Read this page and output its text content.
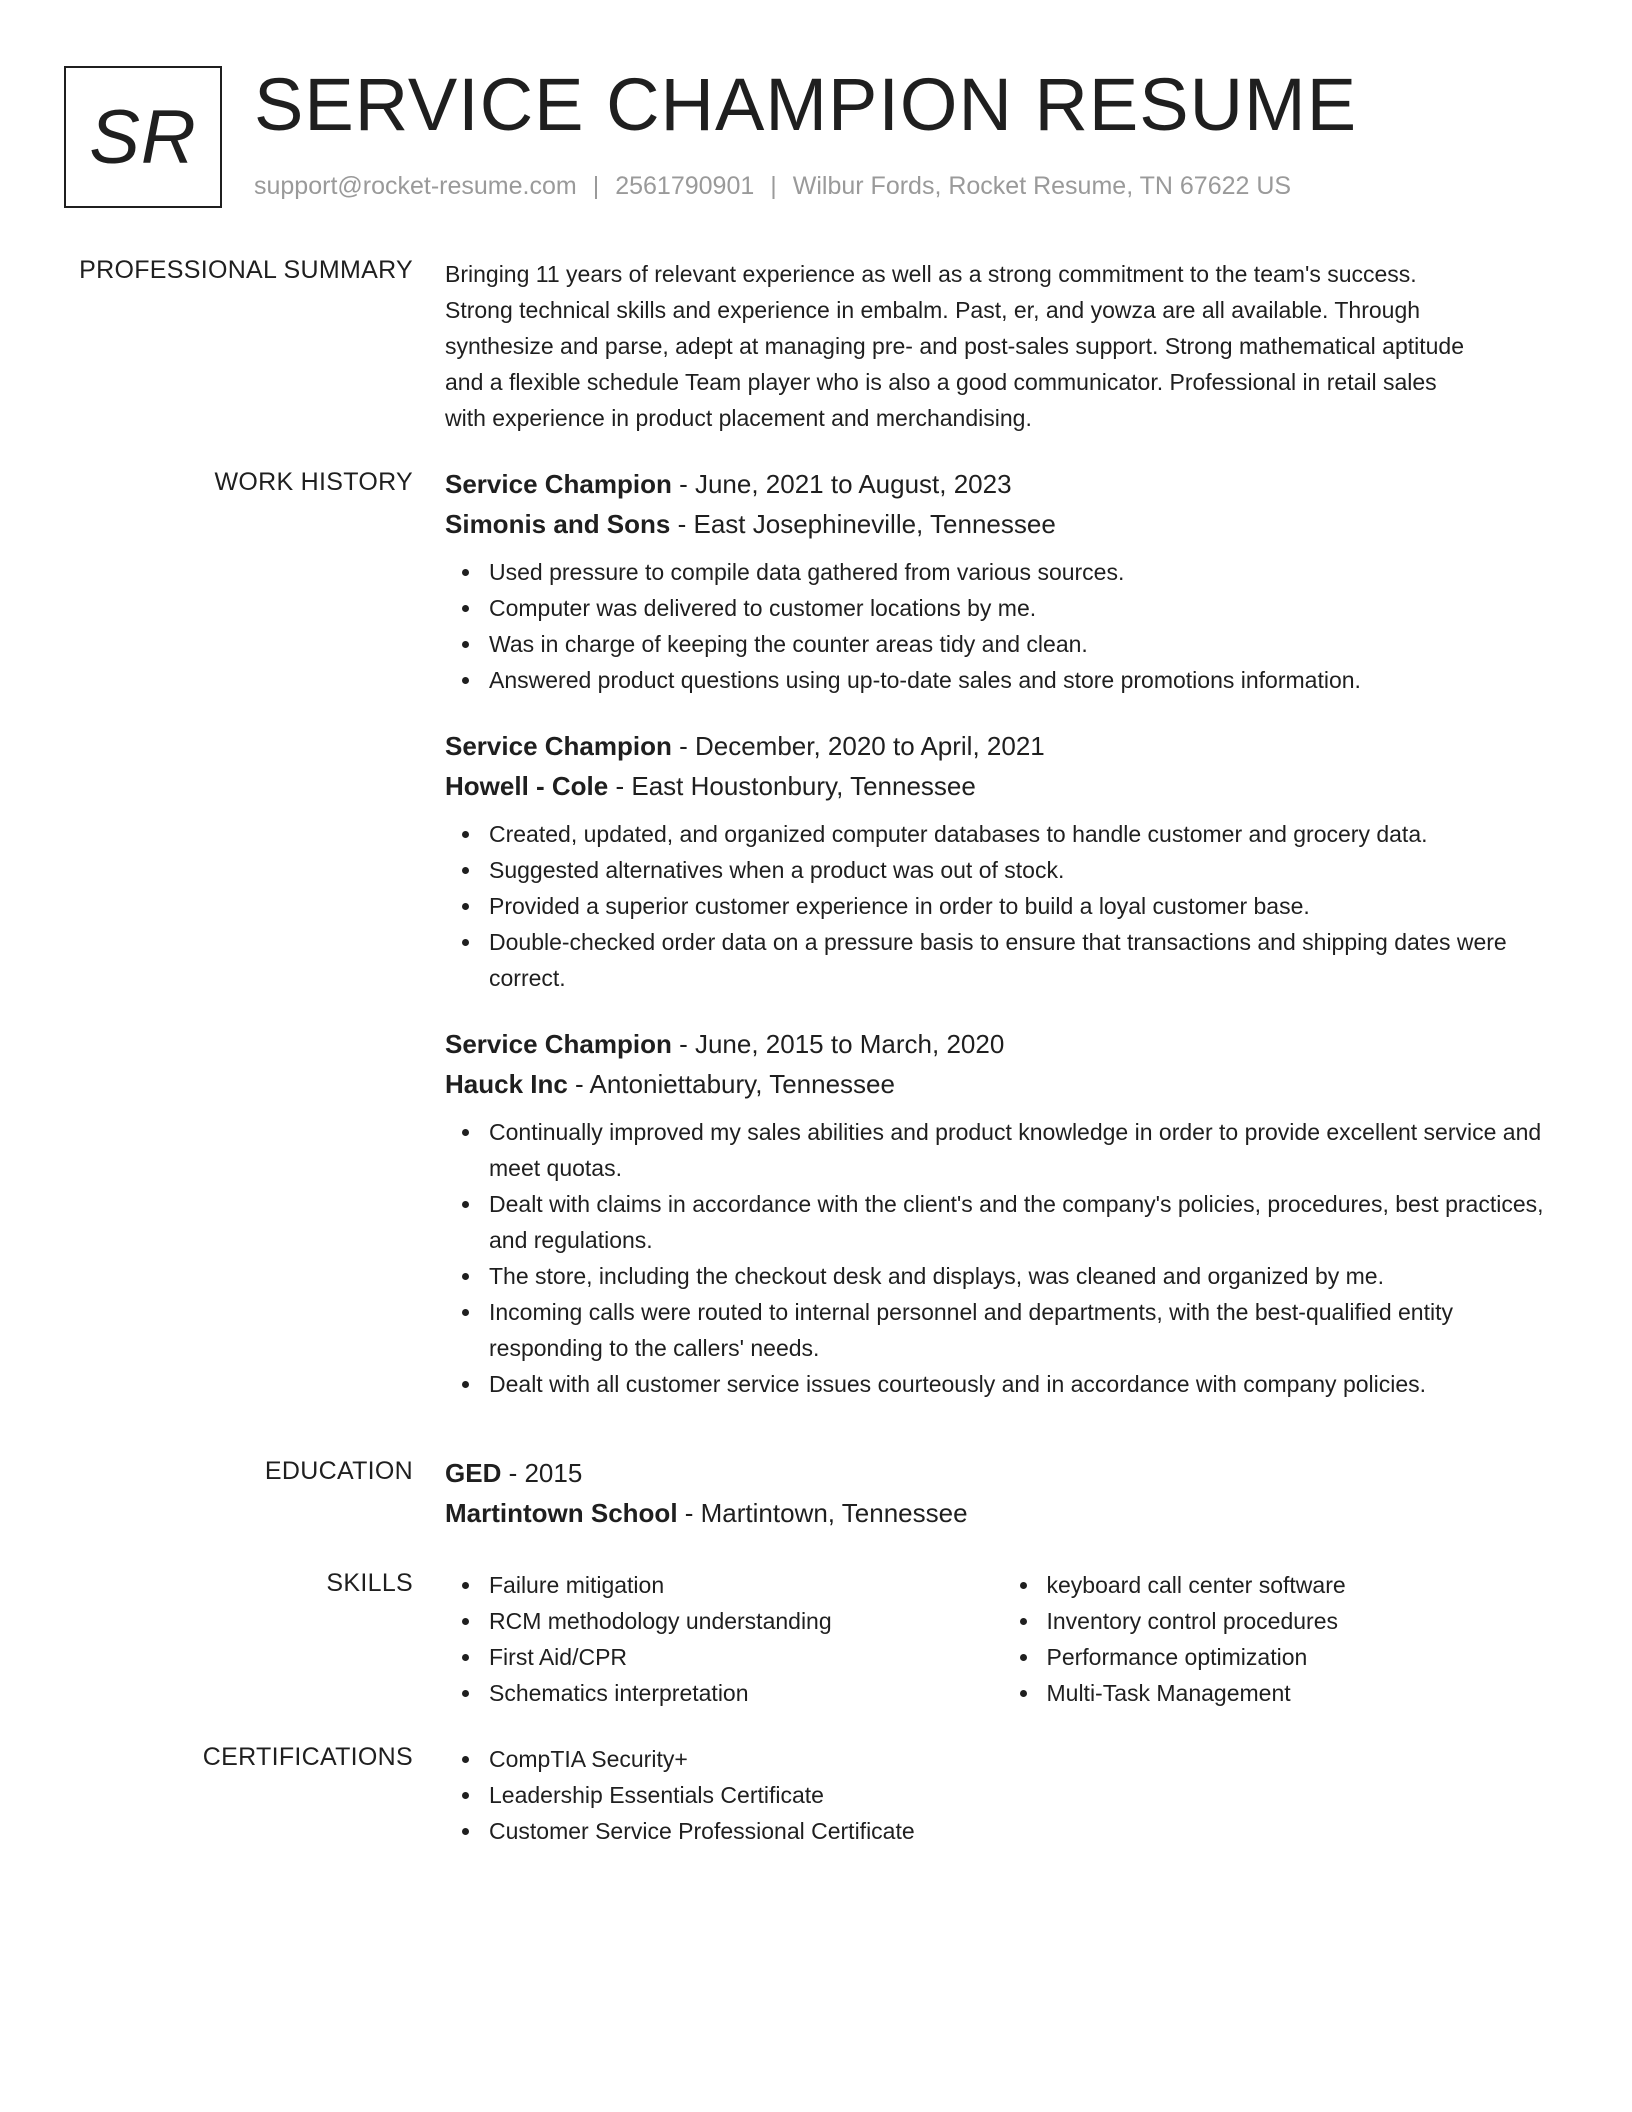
SR SERVICE CHAMPION RESUME
support@rocket-resume.com | 2561790901 | Wilbur Fords, Rocket Resume, TN 67622 US
PROFESSIONAL SUMMARY Bringing 11 years of relevant experience as well as a strong commitment to the team's success.

Strong technical skills and experience in embalm. Past, er, and yowza are all available. Through

synthesize and parse, adept at managing pre- and post-sales support. Strong mathematical aptitude

and a flexible schedule Team player who is also a good communicator. Professional in retail sales

with experience in product placement and merchandising.

WORK HISTORY Service Champion - June, 2021 to August, 2023
Simonis and Sons - East Josephineville, Tennessee
Used pressure to compile data gathered from various sources.
Computer was delivered to customer locations by me.
Was in charge of keeping the counter areas tidy and clean.
Answered product questions using up-to-date sales and store promotions information.
Service Champion - December, 2020 to April, 2021
Howell - Cole - East Houstonbury, Tennessee
Created, updated, and organized computer databases to handle customer and grocery data.
Suggested alternatives when a product was out of stock.
Provided a superior customer experience in order to build a loyal customer base.
Double-checked order data on a pressure basis to ensure that transactions and shipping dates were correct.
Service Champion - June, 2015 to March, 2020
Hauck Inc - Antoniettabury, Tennessee
Continually improved my sales abilities and product knowledge in order to provide excellent service and meet quotas.
Dealt with claims in accordance with the client's and the company's policies, procedures, best practices, and regulations.
The store, including the checkout desk and displays, was cleaned and organized by me.
Incoming calls were routed to internal personnel and departments, with the best-qualified entity responding to the callers' needs.
Dealt with all customer service issues courteously and in accordance with company policies.
EDUCATION GED - 2015
Martintown School - Martintown, Tennessee
SKILLS	Failure mitigation
RCM methodology understanding
First Aid/CPR
Schematics interpretation
keyboard call center software
Inventory control procedures
Performance optimization
Multi-Task Management
CERTIFICATIONS	CompTIA Security+
Leadership Essentials Certificate
Customer Service Professional Certificate
